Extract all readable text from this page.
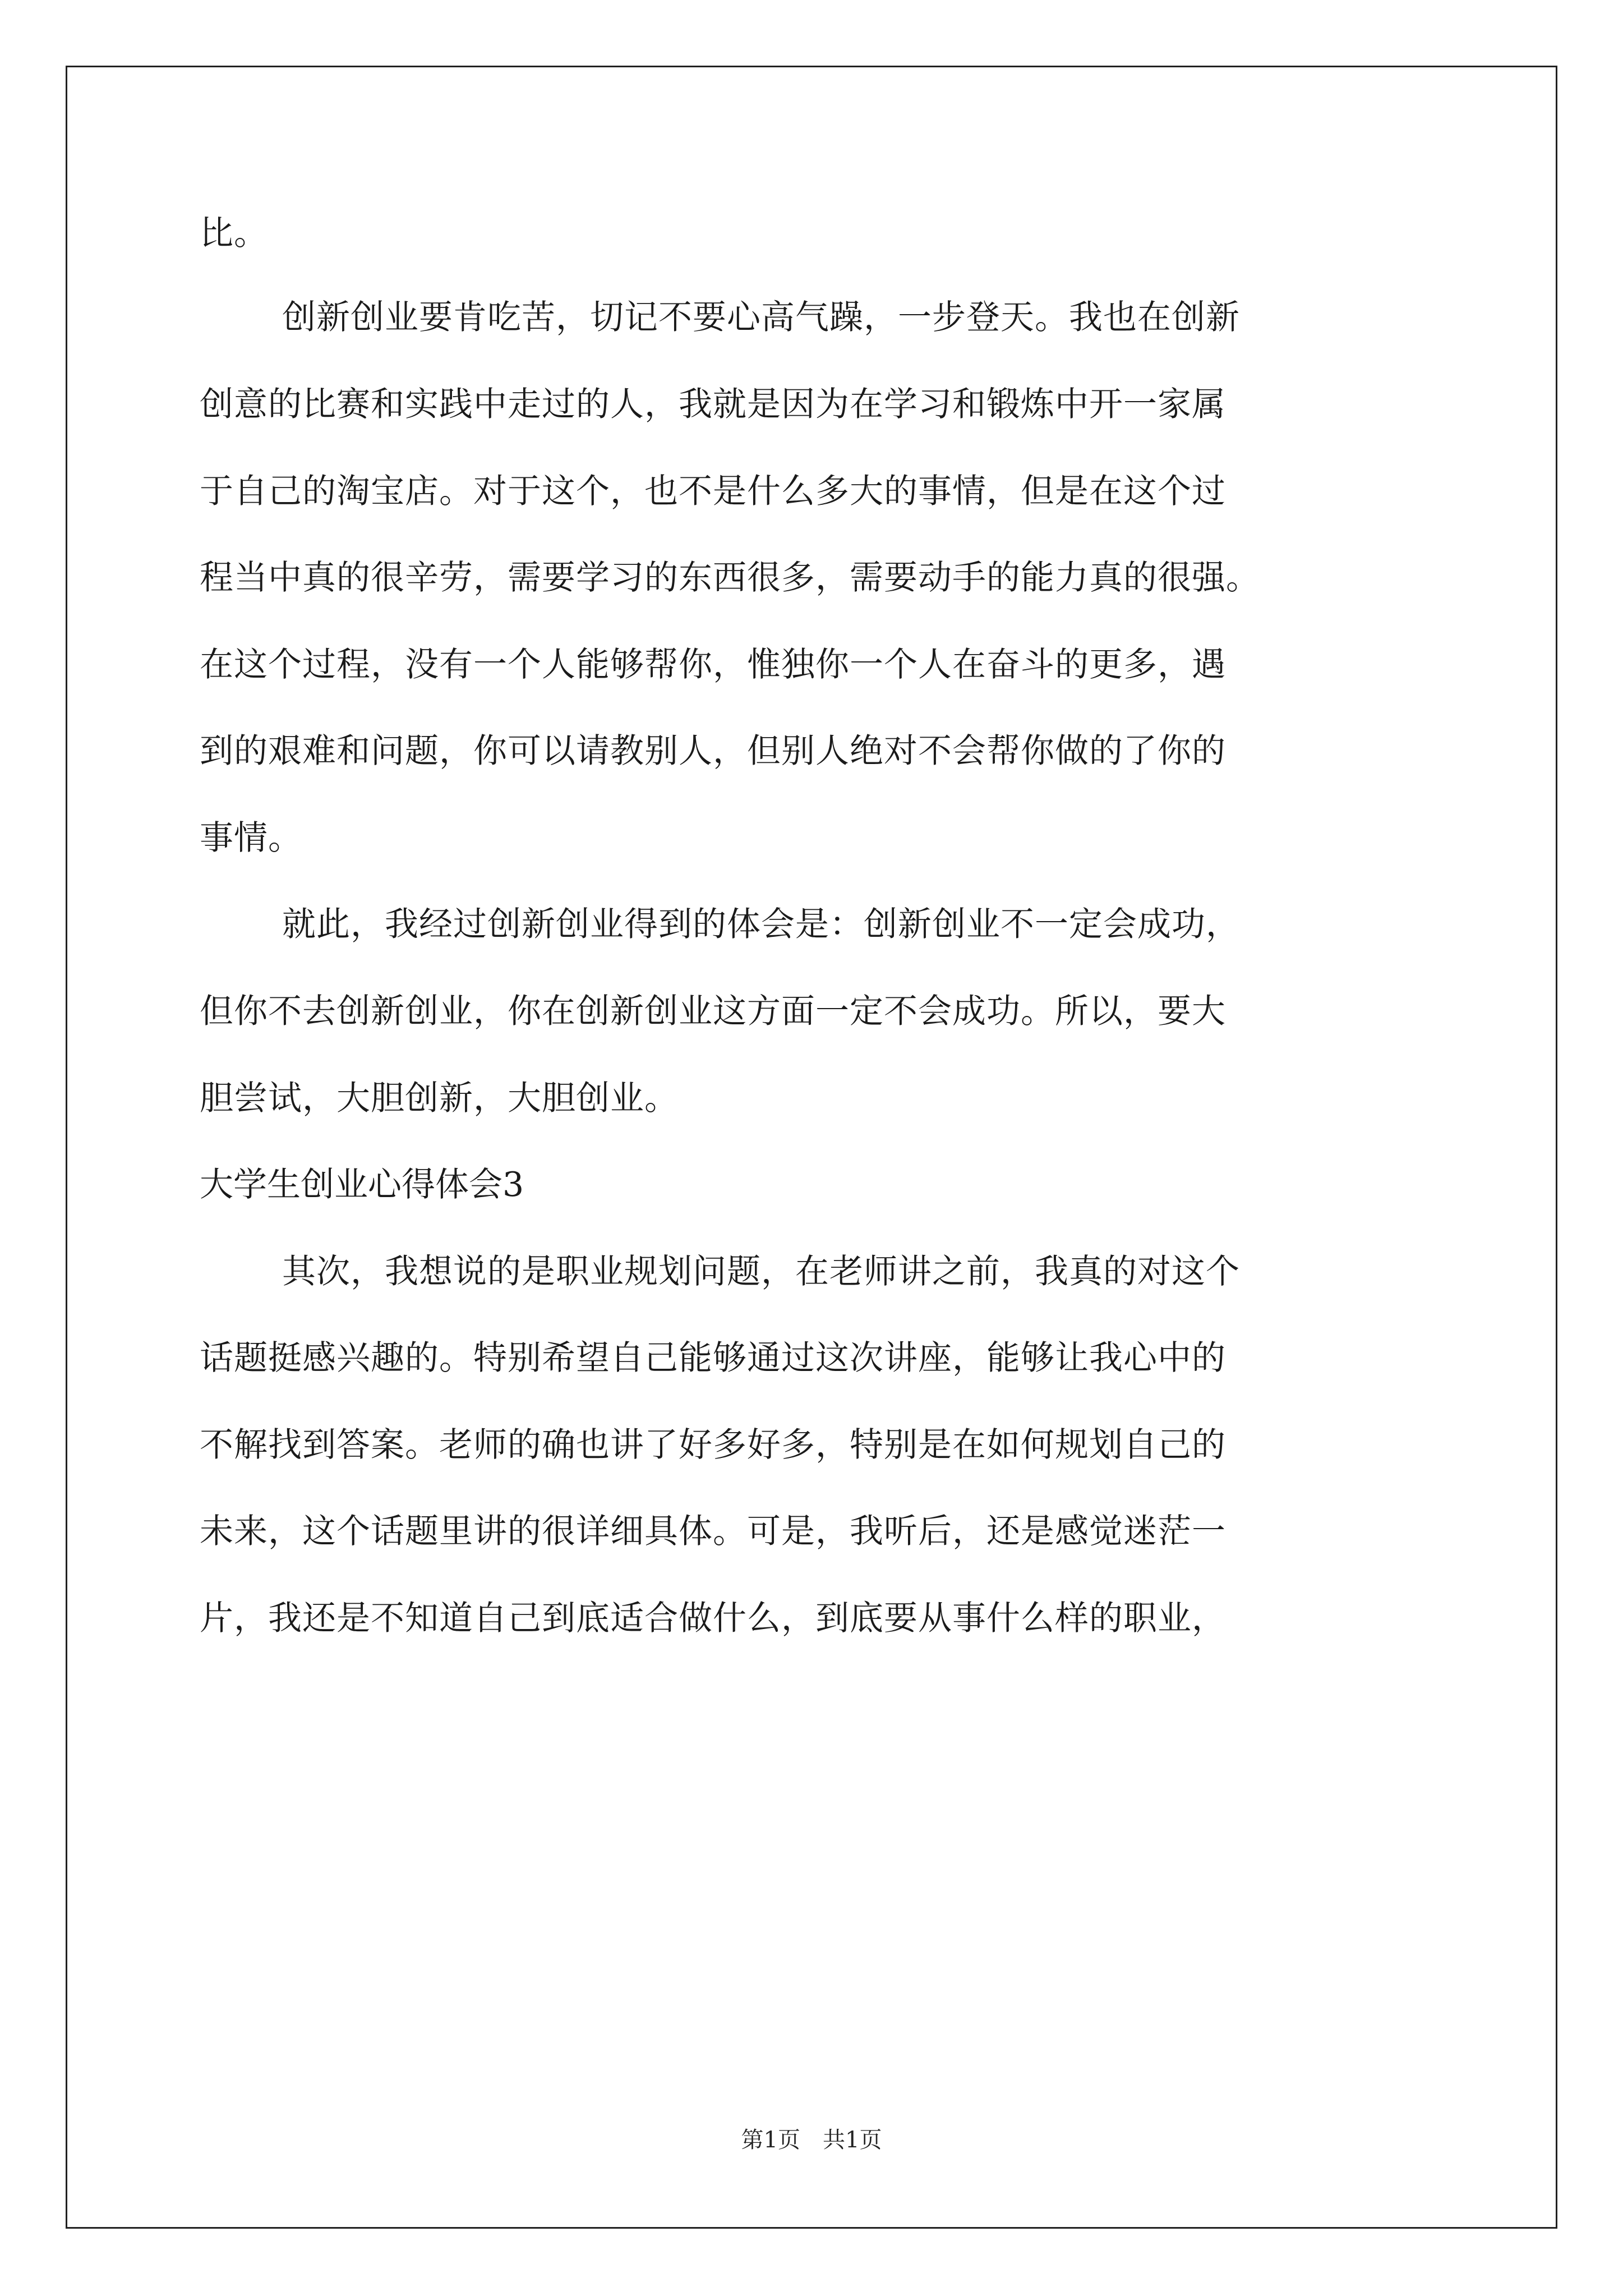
比。
创新创业要肯吃苦，切记不要心高气躁，一步登天。我也在创新
创意的比赛和实践中走过的人，我就是因为在学习和锻炼中开一家属
于自己的淘宝店。对于这个，也不是什么多大的事情，但是在这个过
程当中真的很辛劳，需要学习的东西很多，需要动手的能力真的很强。
在这个过程，没有一个人能够帮你，惟独你一个人在奋斗的更多，遇
到的艰难和问题，你可以请教别人，但别人绝对不会帮你做的了你的
事情。
就此，我经过创新创业得到的体会是：创新创业不一定会成功，
但你不去创新创业，你在创新创业这方面一定不会成功。所以，要大
胆尝试，大胆创新，大胆创业。
大学生创业心得体会3
其次，我想说的是职业规划问题，在老师讲之前，我真的对这个
话题挺感兴趣的。特别希望自己能够通过这次讲座，能够让我心中的
不解找到答案。老师的确也讲了好多好多，特别是在如何规划自己的
未来，这个话题里讲的很详细具体。可是，我听后，还是感觉迷茫一
片，我还是不知道自己到底适合做什么，到底要从事什么样的职业，
第1页 共1页
